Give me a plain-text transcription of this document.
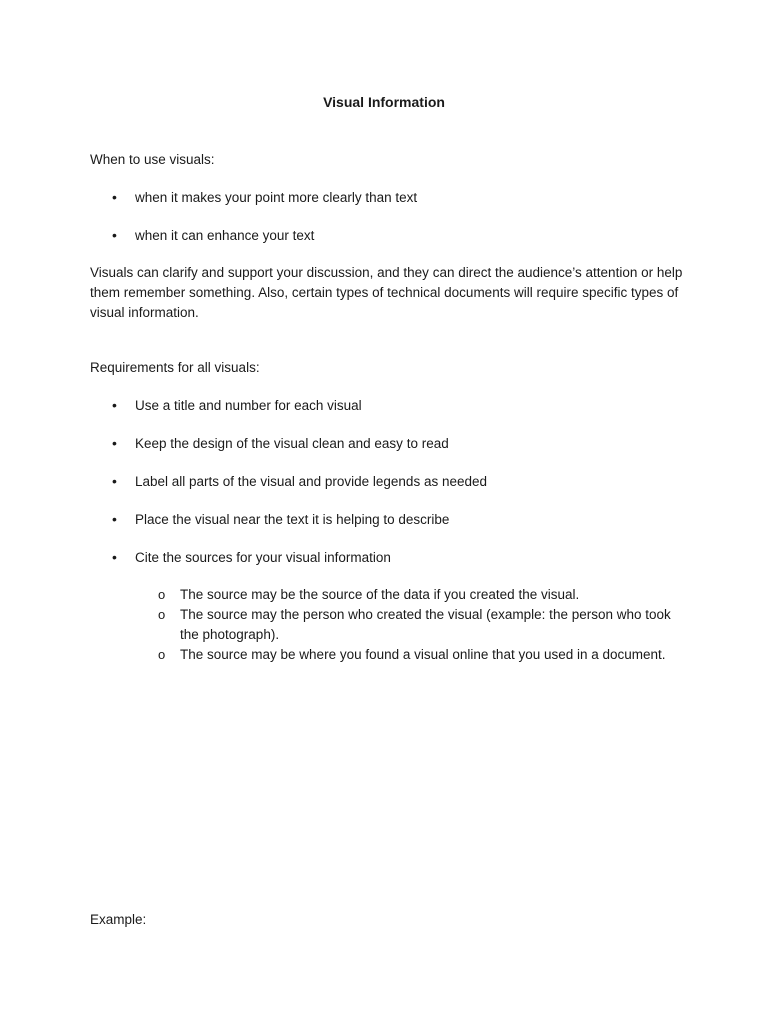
Visual Information
When to use visuals:
• when it makes your point more clearly than text
• when it can enhance your text
Visuals can clarify and support your discussion, and they can direct the audience’s attention or help them remember something. Also, certain types of technical documents will require specific types of visual information.
Requirements for all visuals:
• Use a title and number for each visual
• Keep the design of the visual clean and easy to read
• Label all parts of the visual and provide legends as needed
• Place the visual near the text it is helping to describe
• Cite the sources for your visual information
o The source may be the source of the data if you created the visual.
o The source may the person who created the visual (example: the person who took the photograph).
o The source may be where you found a visual online that you used in a document.
Example:
